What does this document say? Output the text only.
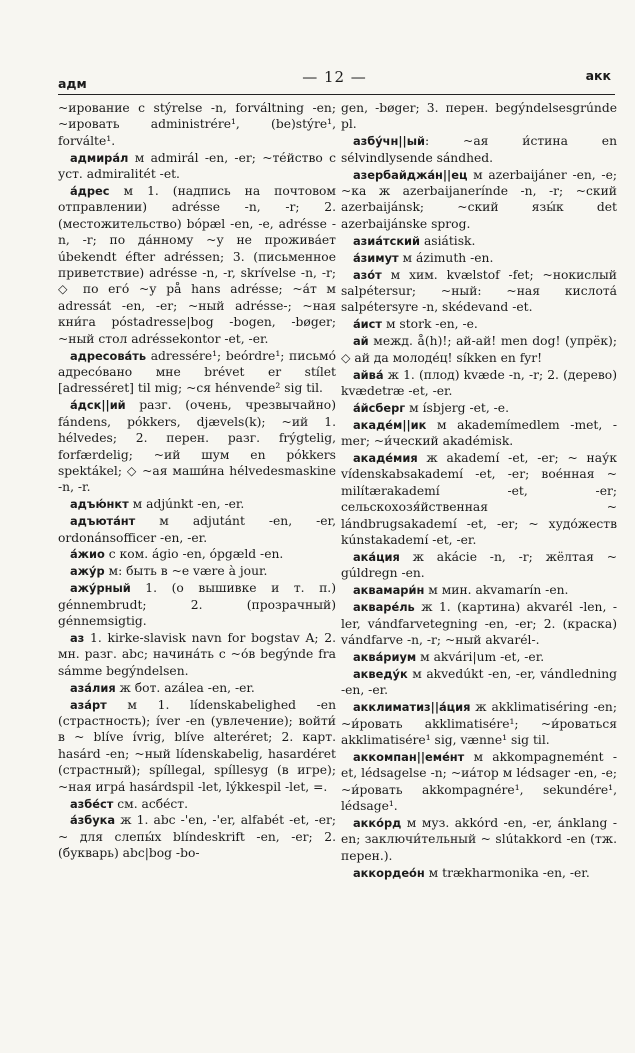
адм	— 12 —	акк

~ирование с stýrelse -n, forváltning -en; ~ировать administrére¹, (be)stýre¹, forválte¹.

адмира́л м admirál -en, -er; ~тéйство с уст. admiralitét -et.

а́дрес м 1. (надпись на почтовом отправлении) adrésse -n, -r; 2. (местожительство) bópæl -en, -e, adrésse -n, -r; по да́нному ~у не прожива́ет úbekendt éfter adréssen; 3. (письменное приветствие) adrésse -n, -r, skrívelse -n, -r; ◇ по его́ ~у på hans adrésse; ~а́т м adressát -en, -er; ~ный adrésse-; ~ная кни́га póstadresse|bog -bogen, -bøger; ~ный стол adréssekontor -et, -er.

адресова́ть adressére¹; beórdre¹; письмо́ адресо́вано мне brévet er stílet [adresséret] til mig; ~ся hénvende² sig til.

а́дск||ий разг. (очень, чрезвычайно) fándens, pókkers, djævels(k); ~ий 1. hélvedes; 2. перен. разг. frýgtelig, forfærdelig; ~ий шум en pókkers spektákel; ◇ ~ая маши́на hélvedesmaskine -n, -r.

адъю́нкт м adjúnkt -en, -er.

адъюта́нт м adjutánt -en, -er, ordonánsofficer -en, -er.

а́жио с ком. ágio -en, ópgæld -en.

ажу́р м: быть в ~е være à jour.

ажу́рный 1. (о вышивке и т. п.) génnembrudt; 2. (прозрачный) génnemsigtig.

аз 1. kirke-slavisk navn for bogstav A; 2. мн. разг. abc; начина́ть с ~о́в begýnde fra sámme begýndelsen.

аза́лия ж бот. azálea -en, -er.

аза́рт м 1. lídenskabelighed -en (страстность); íver -en (увлечение); войти́ в ~ blíve ívrig, blíve alteréret; 2. карт. hasárd -en; ~ный lídenskabelig, hasardéret (страстный); spíllegal, spíllesyg (в игре); ~ная игра́ hasárdspil -let, lýkkespil -let, =.

азбе́ст см. асбе́ст.

а́збука ж 1. abc -'en, -'er, alfabét -et, -er; ~ для слепы́х blíndeskrift -en, -er; 2. (букварь) abc|bog -bo-

gen, -bøger; 3. перен. begýndelsesgrúnde pl.

азбу́чн||ый: ~ая и́стина en sélvindlysende sándhed.

азербайджа́н||ец м azerbaijáner -en, -e; ~ка ж azerbaijanerínde -n, -r; ~ский azerbaijánsk; ~ский язы́к det azerbaijánske sprog.

азиа́тский asiátisk.

а́зимут м ázimuth -en.

азо́т м хим. kvælstof -fet; ~нокислый salpétersur; ~ный: ~ная кислота́ salpétersyre -n, skédevand -et.

а́ист м stork -en, -e.

ай межд. å(h)!; ай-ай! men dog! (упрёк); ◇ ай да молоде́ц! síkken en fyr!

айва́ ж 1. (плод) kvæde -n, -r; 2. (дерево) kvædetræ -et, -er.

а́йсберг м ísbjerg -et, -e.

акаде́м||ик м akademímedlem -met, -mer; ~и́ческий akadémisk.

акаде́мия ж akademí -et, -er; ~ нау́к vídenskabsakademí -et, -er; вое́нная ~ milítærakademí -et, -er; сельскохозя́йственная ~ lándbrugsakademí -et, -er; ~ худо́жеств kúnstakademí -et, -er.

ака́ция ж akácie -n, -r; жёлтая ~ gúldregn -en.

аквамари́н м мин. akvamarín -en.

акваре́ль ж 1. (картина) akvarél -len, -ler, vándfarvetegning -en, -er; 2. (краска) vándfarve -n, -r; ~ный akvarél-.

аква́риум м akvári|um -et, -er.

акведу́к м akvedúkt -en, -er, vándledning -en, -er.

акклиматиз||а́ция ж akklimatiséring -en; ~и́ровать akklimatisére¹; ~и́роваться akklimatisére¹ sig, vænne¹ sig til.

аккомпан||еме́нт м akkompagnemént -et, lédsagelse -n; ~иа́тор м lédsager -en, -e; ~и́ровать akkompagnére¹, sekundére¹, lédsage¹.

акко́рд м муз. akkórd -en, -er, ánklang -en; заключи́тельный ~ slútakkord -en (тж. перен.).

аккордео́н м trækharmonika -en, -er.
